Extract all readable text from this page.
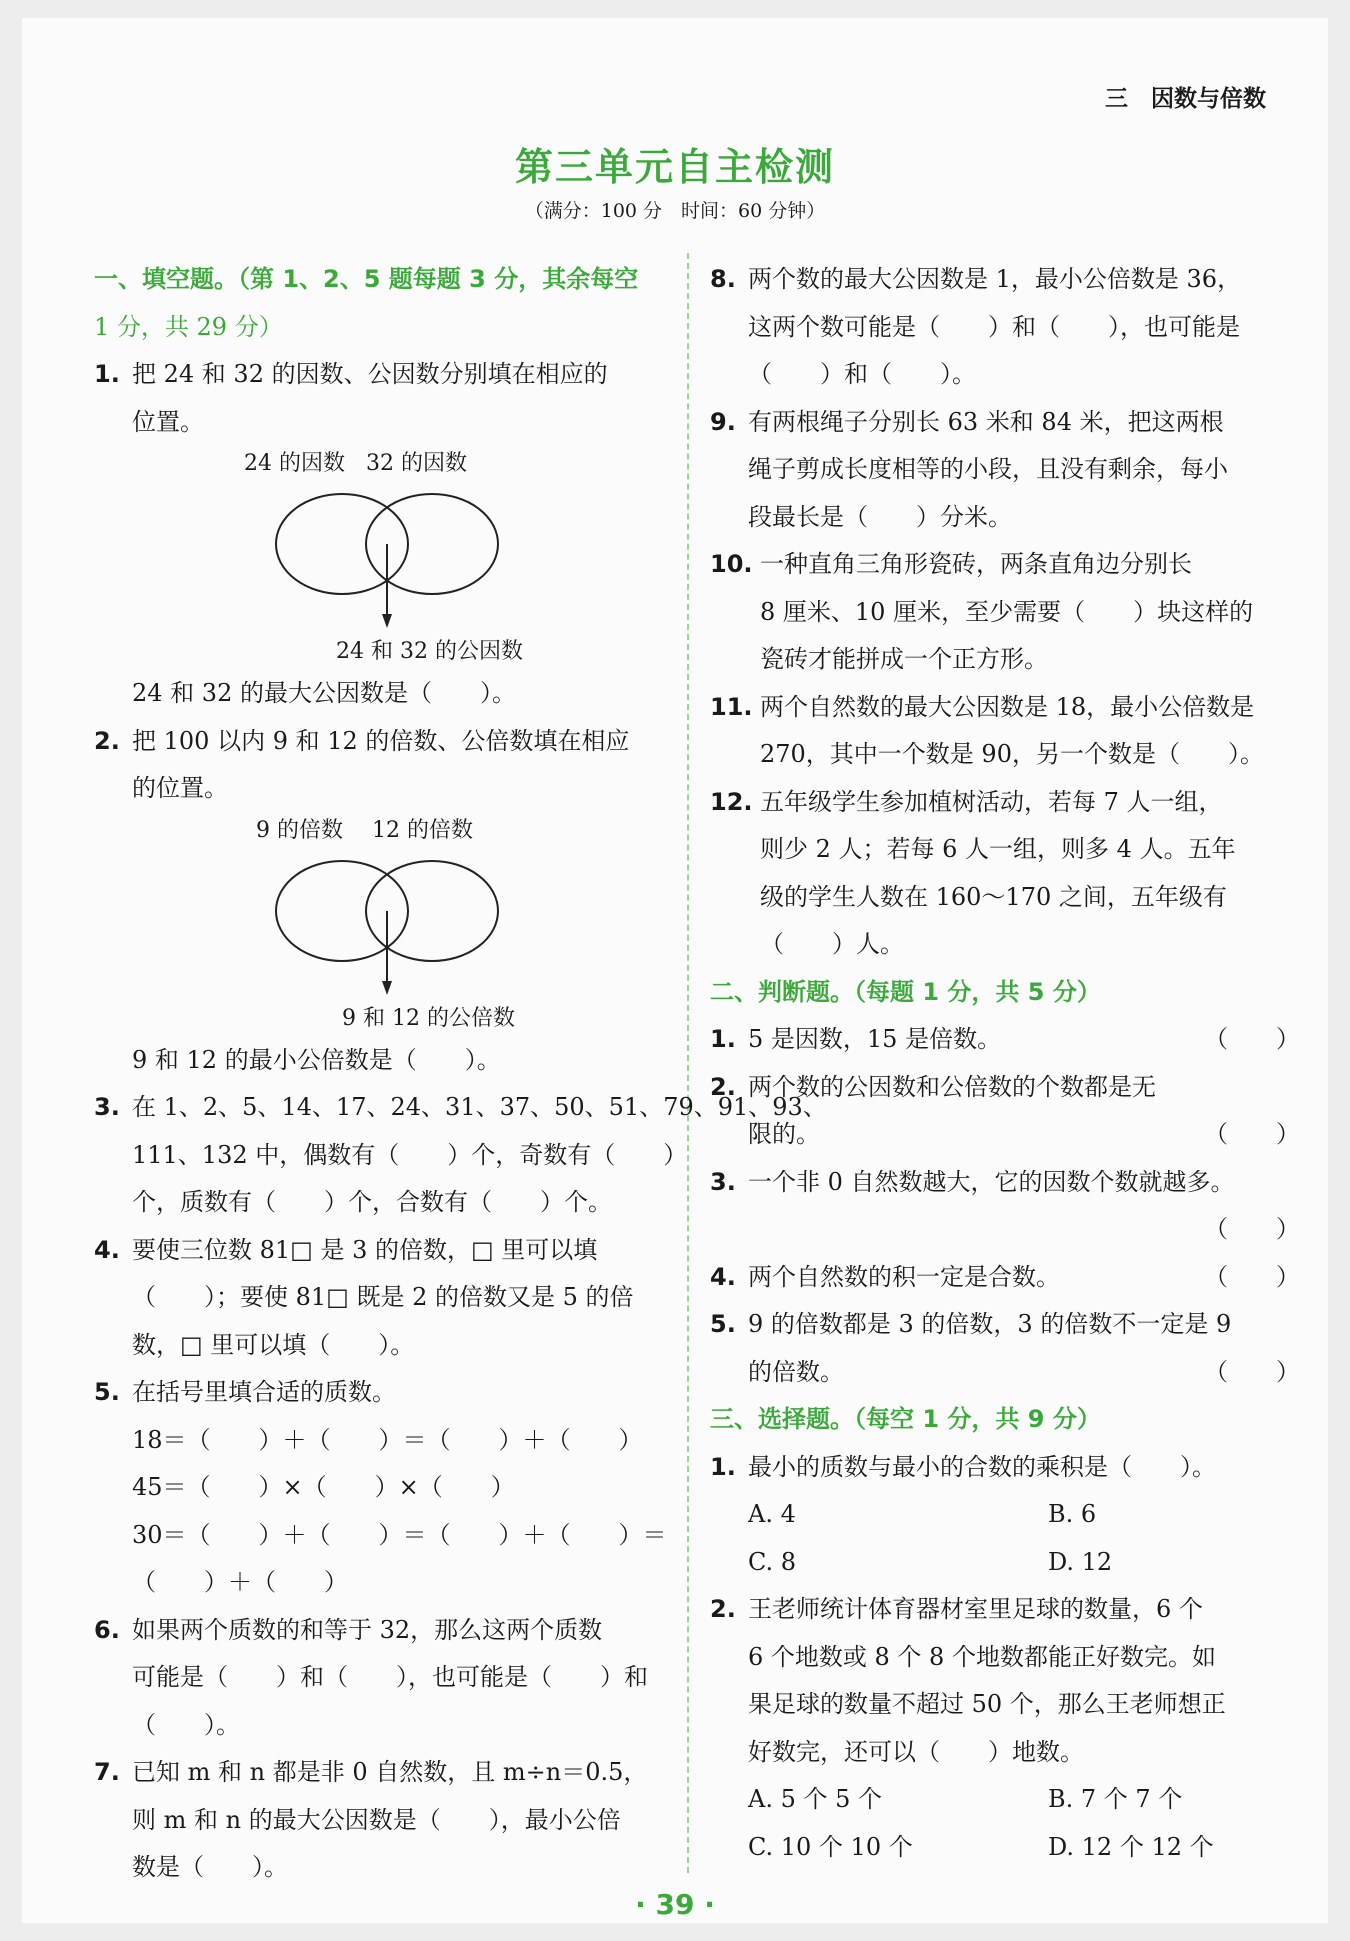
三　因数与倍数
第三单元自主检测
（满分：100 分　时间：60 分钟）
一、填空题。（第 1、2、5 题每题 3 分，其余每空
1 分，共 29 分）
1. 把 24 和 32 的因数、公因数分别填在相应的
位置。
24 的因数 32 的因数
24 和 32 的公因数
24 和 32 的最大公因数是（　　）。
2. 把 100 以内 9 和 12 的倍数、公倍数填在相应
的位置。
9 的倍数 12 的倍数
9 和 12 的公倍数
9 和 12 的最小公倍数是（　　）。
3. 在 1、2、5、14、17、24、31、37、50、51、79、91、93、
111、132 中，偶数有（　　）个，奇数有（　　）
个，质数有（　　）个，合数有（　　）个。
4. 要使三位数 81□ 是 3 的倍数，□ 里可以填
（　　）；要使 81□ 既是 2 的倍数又是 5 的倍
数，□ 里可以填（　　）。
5. 在括号里填合适的质数。
18＝（　　）＋（　　）＝（　　）＋（　　）
45＝（　　）×（　　）×（　　）
30＝（　　）＋（　　）＝（　　）＋（　　）＝
（　　）＋（　　）
6. 如果两个质数的和等于 32，那么这两个质数
可能是（　　）和（　　），也可能是（　　）和
（　　）。
7. 已知 m 和 n 都是非 0 自然数，且 m÷n＝0.5，
则 m 和 n 的最大公因数是（　　），最小公倍
数是（　　）。
8. 两个数的最大公因数是 1，最小公倍数是 36，
这两个数可能是（　　）和（　　），也可能是
（　　）和（　　）。
9. 有两根绳子分别长 63 米和 84 米，把这两根
绳子剪成长度相等的小段，且没有剩余，每小
段最长是（　　）分米。
10. 一种直角三角形瓷砖，两条直角边分别长
8 厘米、10 厘米，至少需要（　　）块这样的
瓷砖才能拼成一个正方形。
11. 两个自然数的最大公因数是 18，最小公倍数是
270，其中一个数是 90，另一个数是（　　）。
12. 五年级学生参加植树活动，若每 7 人一组，
则少 2 人；若每 6 人一组，则多 4 人。五年
级的学生人数在 160～170 之间，五年级有
（　　）人。
二、判断题。（每题 1 分，共 5 分）
1. 5 是因数，15 是倍数。	（　　）
2. 两个数的公因数和公倍数的个数都是无
限的。	（　　）
3. 一个非 0 自然数越大，它的因数个数就越多。
（　　）
4. 两个自然数的积一定是合数。	（　　）
5. 9 的倍数都是 3 的倍数，3 的倍数不一定是 9
的倍数。	（　　）
三、选择题。（每空 1 分，共 9 分）
1. 最小的质数与最小的合数的乘积是（　　）。
A. 4	B. 6
C. 8	D. 12
2. 王老师统计体育器材室里足球的数量，6 个
6 个地数或 8 个 8 个地数都能正好数完。如
果足球的数量不超过 50 个，那么王老师想正
好数完，还可以（　　）地数。
A. 5 个 5 个	B. 7 个 7 个
C. 10 个 10 个	D. 12 个 12 个
· 39 ·
